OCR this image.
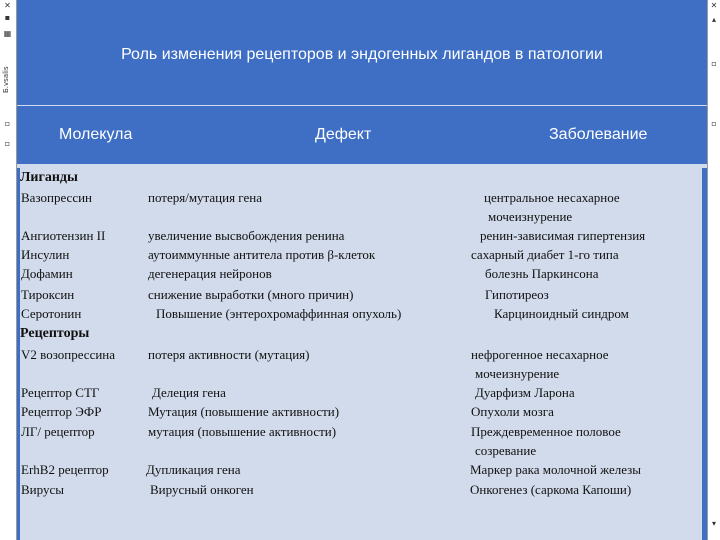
✕
▪
▦
Б.vsalis
▫
▫
✕
▴
▫
▫
▾
Роль изменения рецепторов и эндогенных лигандов в патологии
Молекула	Дефект	Заболевание
Лиганды
Вазопрессин	потеря/мутация гена	центральное несахарное
мочеизнурение
Ангиотензин II	увеличение высвобождения ренина	ренин-зависимая гипертензия
Инсулин	аутоиммунные антитела против β-клеток	сахарный диабет 1-го типа
Дофамин	дегенерация нейронов	болезнь Паркинсона
Тироксин	снижение выработки (много причин)	Гипотиреоз
Серотонин	Повышение (энтерохромаффинная опухоль)	Карциноидный синдром
Рецепторы
V2 возопрессина	потеря активности (мутация)	нефрогенное несахарное
мочеизнурение
Рецептор СТГ	Делеция гена	Дуарфизм Ларона
Рецептор ЭФР	Мутация (повышение активности)	Опухоли мозга
ЛГ/ рецептор	мутация (повышение активности)	Преждевременное половое
созревание
ErhB2 рецептор	Дупликация гена	Маркер рака молочной железы
Вирусы	Вирусный онкоген	Онкогенез (саркома Капоши)
